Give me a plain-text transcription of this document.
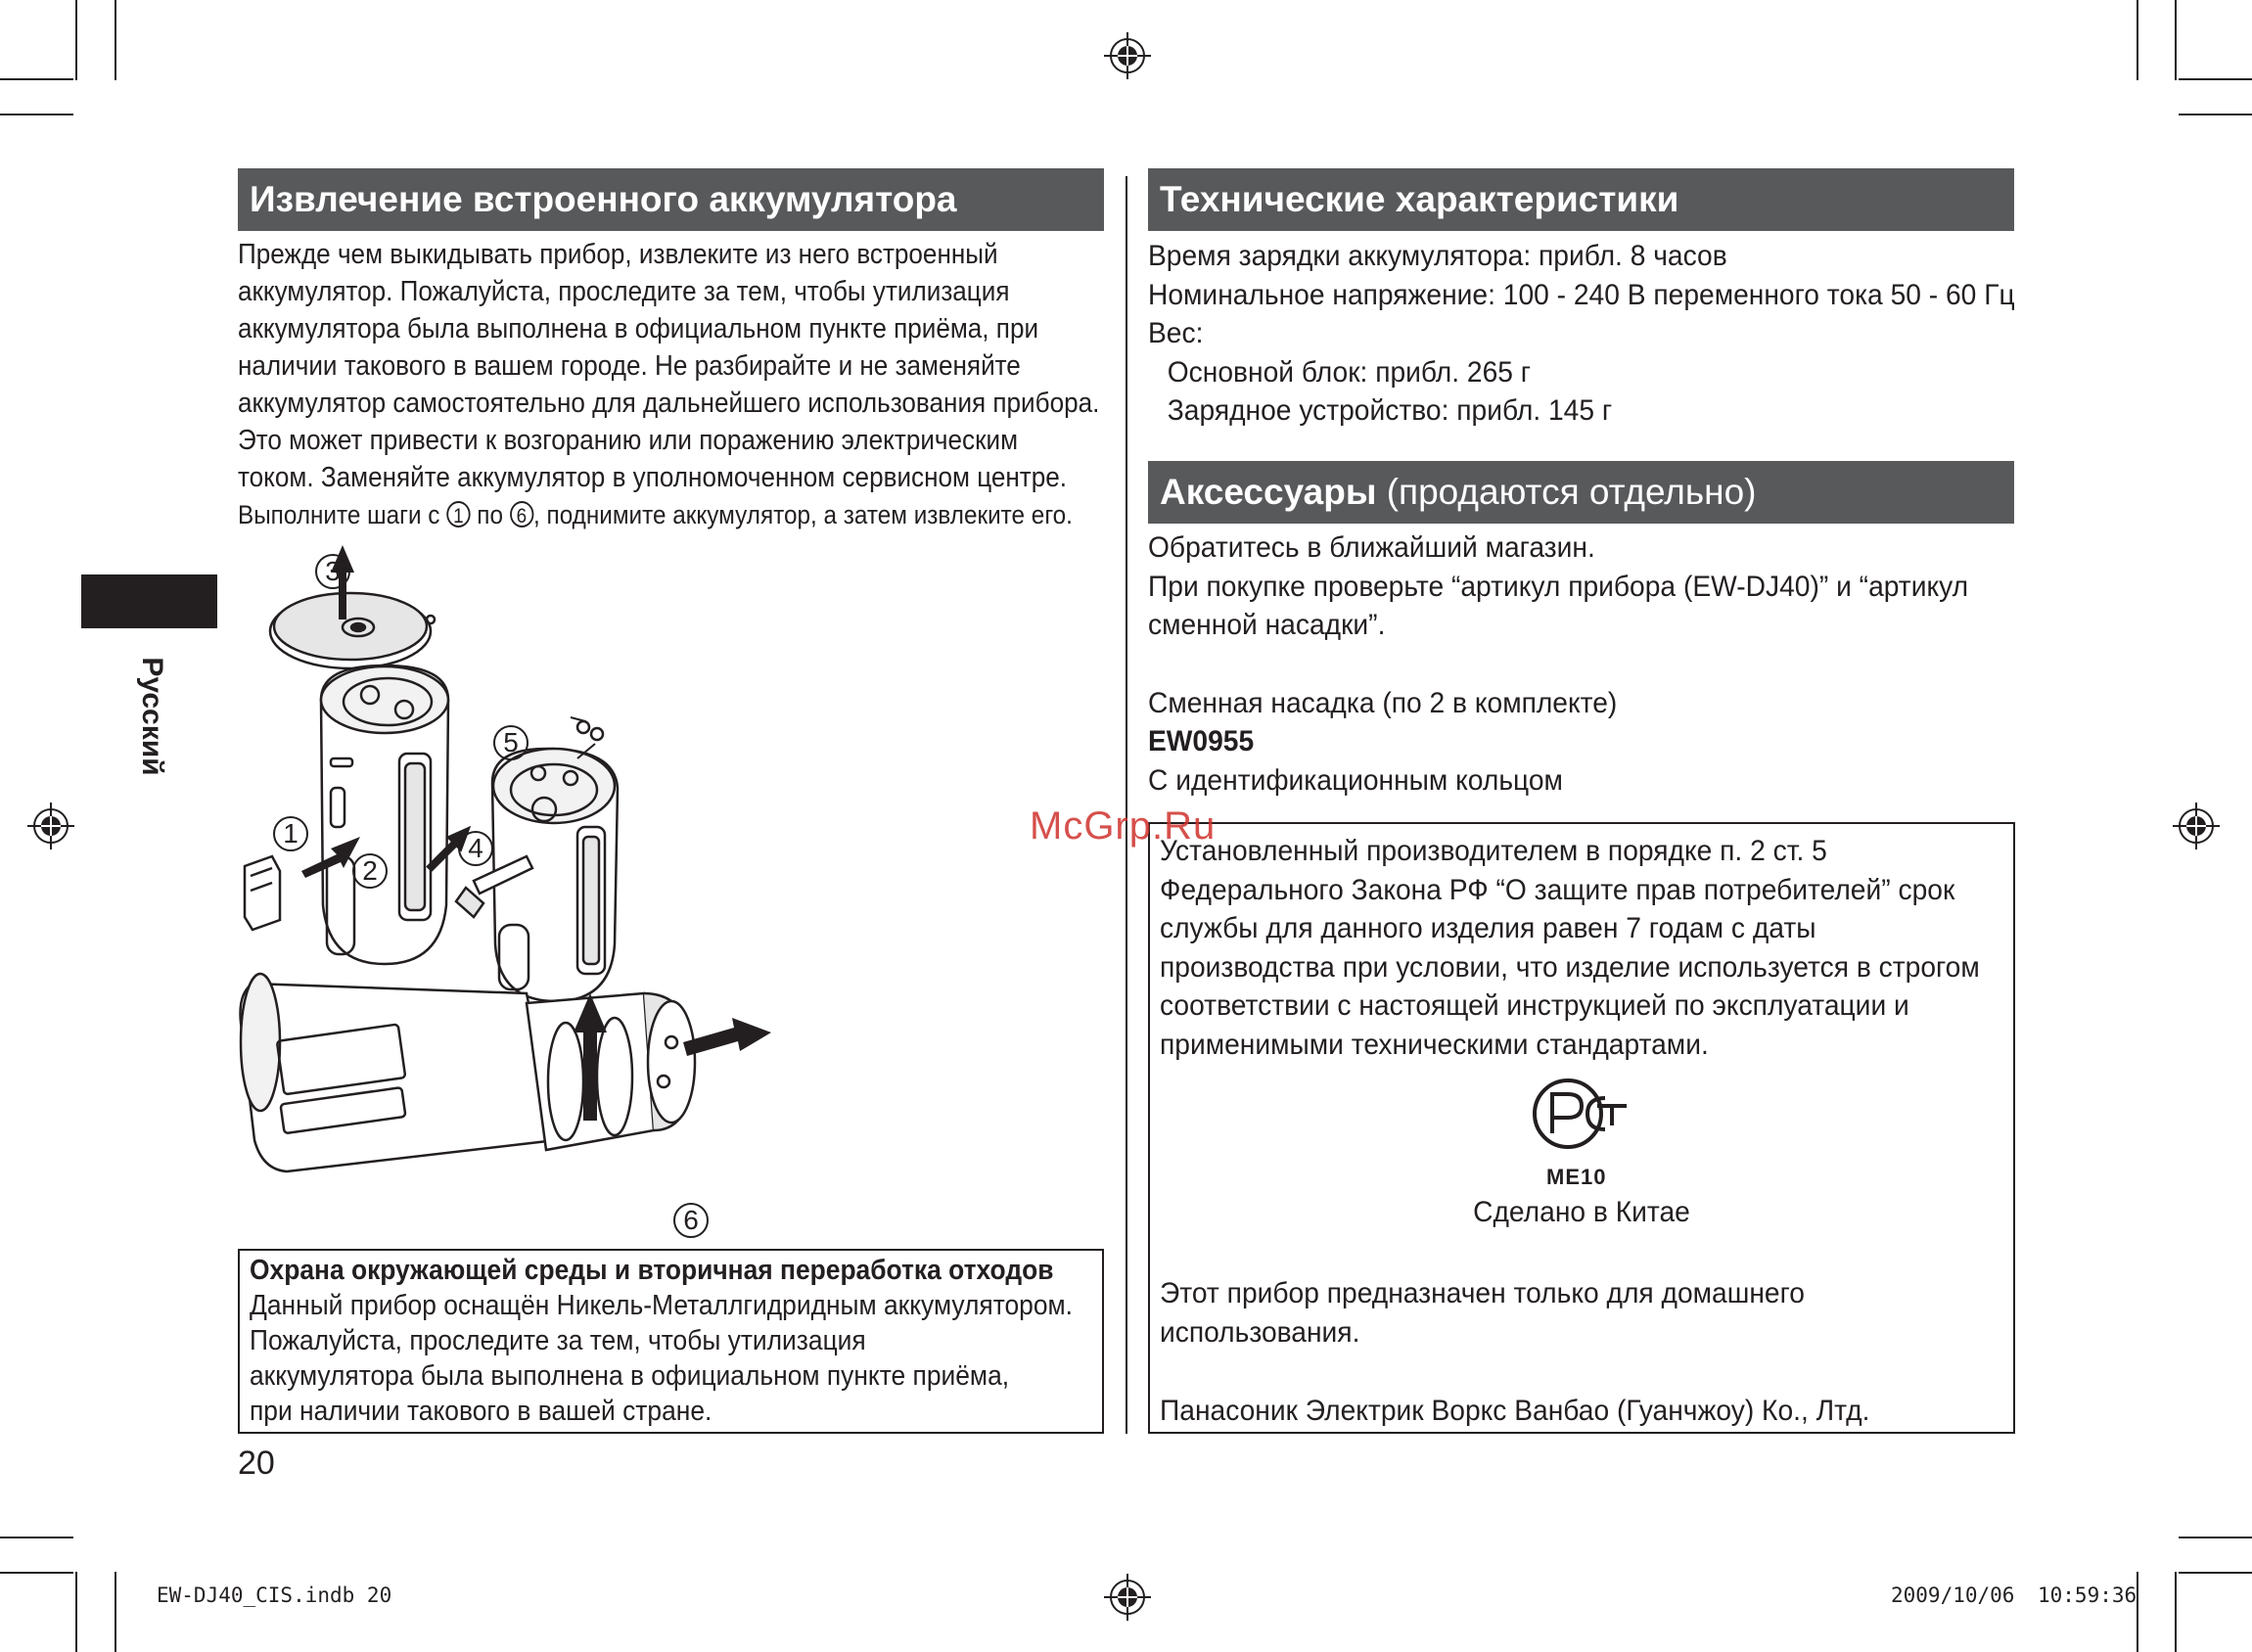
Русский
Извлечение встроенного аккумулятора
Прежде чем выкидывать прибор, извлеките из него встроенный
аккумулятор. Пожалуйста, проследите за тем, чтобы утилизация
аккумулятора была выполнена в официальном пункте приёма, при
наличии такового в вашем городе. Не разбирайте и не заменяйте
аккумулятор самостоятельно для дальнейшего использования прибора.
Это может привести к возгоранию или поражению электрическим
током. Заменяйте аккумулятор в уполномоченном сервисном центре.
Выполните шаги с 1 по 6 , поднимите аккумулятор, а затем извлеките его.
3
5
1
2
4
6
Охрана окружающей среды и вторичная переработка отходов
Данный прибор оснащён Никель-Металлгидридным аккумулятором.
Пожалуйста, проследите за тем, чтобы утилизация
аккумулятора была выполнена в официальном пункте приёма,
при наличии такового в вашей стране.
20
Технические характеристики
Время зарядки аккумулятора: прибл. 8 часов
Номинальное напряжение: 100 - 240 В переменного тока 50 - 60 Гц
Вес:
Основной блок: прибл. 265 г
Зарядное устройство: прибл. 145 г
Аксессуары (продаются отдельно)
Обратитесь в ближайший магазин.
При покупке проверьте “артикул прибора (EW-DJ40)” и “артикул
сменной насадки”.
Сменная насадка (по 2 в комплекте)
EW0955
С идентификационным кольцом
Установленный производителем в порядке п. 2 ст. 5
Федерального Закона РФ “О защите прав потребителей” срок
службы для данного изделия равен 7 годам с даты
производства при условии, что изделие используется в строгом
соответствии с настоящей инструкцией по эксплуатации и
применимыми техническими стандартами.
ME10
Сделано в Китае
Этот прибор предназначен только для домашнего
использования.
Панасоник Электрик Воркс Ванбао (Гуанчжоу) Ко., Лтд.
McGrp.Ru
EW-DJ40_CIS.indb 20	2009/10/06 10:59:36
